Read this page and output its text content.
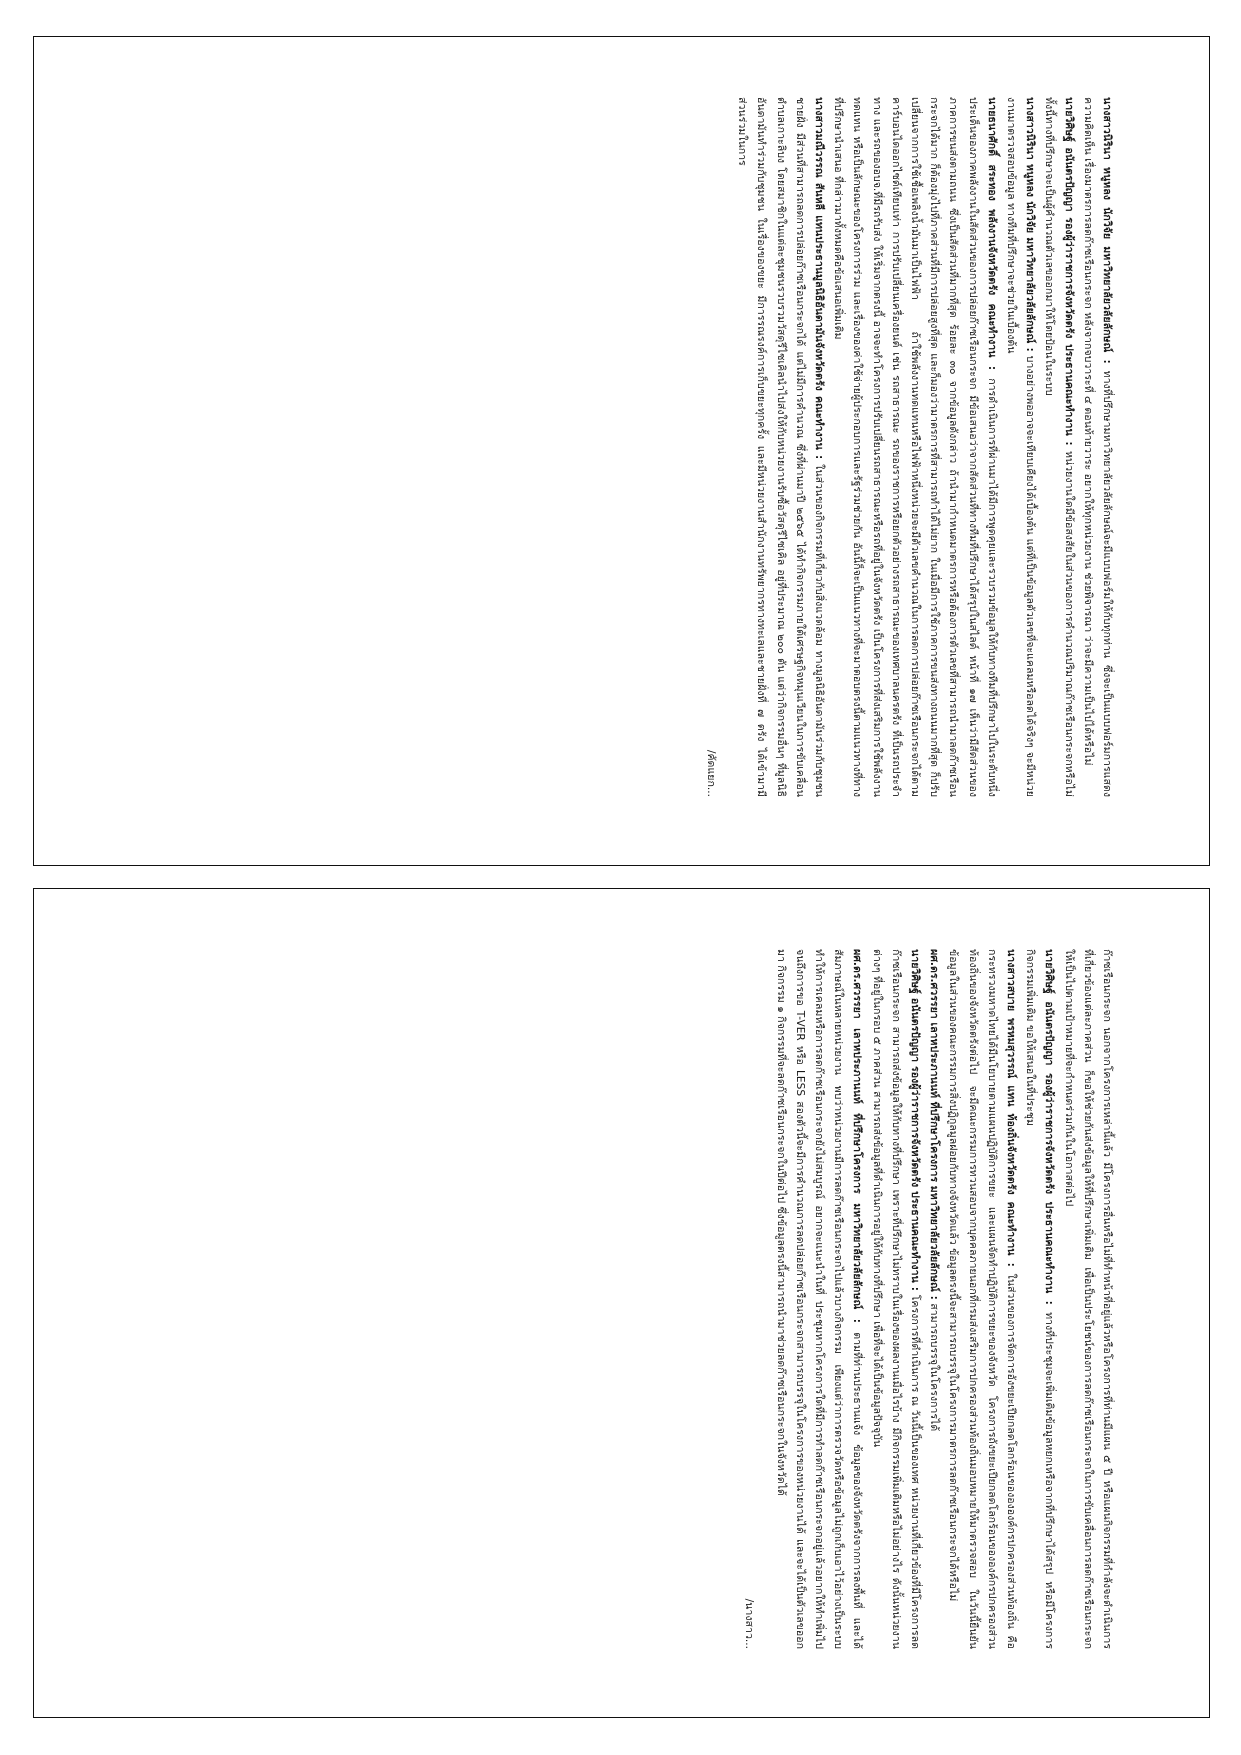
นางสาวนิรินา หนูหลง นักวิจัย มหาวิทยาลัยวลัยลักษณ์ : ทางที่ปรึกษามหาวิทยาลัยวลัยลักษณ์จะมีแบบฟอร์มให้กับทุกท่าน ซึ่งจะเป็นแบบฟอร์มการแสดงความคิดเห็น เรื่องมาตรการลดก๊าซเรือนกระจก หลังจากจบวาระที่ ๔ ตอนท้ายวาระ อยากให้ทุกหน่วยงาน ช่วยพิจารณา ว่าจะมีความเป็นไปได้หรือไม่

นายวิศิษฐ์ อนันตรปัญญา รองผู้ว่าราชการจังหวัดตรัง ประธานคณะทำงาน : หน่วยงานใดมีข้อสงสัยในส่วนของการคำนวณปริมาณก๊าซเรือนกระจกหรือไม่ ทั้งนี้ทางที่ปรึกษาจะเป็นผู้คำนวณตัวเลขออกมาให้โดยป้อนในระบบ

นางสาวนิรินา หนูหลง นักวิจัย มหาวิทยาลัยวลัยลักษณ์ : บางอย่างพออาจจะเทียบเคียงได้เบื้องต้น แต่ที่เป็นข้อมูลตัวเลขที่จะแคลมหรือลดได้จริงๆ จะมีหน่วยงานมาตรวจสอบข้อมูล ทางทีมที่ปรึกษาจะช่วยในเบื้องต้น

นายธนาศักดิ์ สระทอง พลังงานจังหวัดตรัง คณะทำงาน : การดำเนินการที่ผ่านมาได้มีการพูดคุยและรวบรวมข้อมูลให้กับทางทีมที่ปรึกษาไปในระดับหนึ่ง ประเด็นของภาคพลังงานในสัดส่วนของการปล่อยก๊าซเรือนกระจก มีข้อเสนอว่าจากสัดส่วนที่ทางทีมที่ปรึกษาได้สรุปในสไลด์ หน้าที่ ๑๗ เห็นว่ามีสัดส่วนของภาคการขนส่งตามถนน ซึ่งเป็นสัดส่วนที่มากที่สุด ร้อยละ ๓๐ จากข้อมูลดังกล่าว ถ้านำมากำหนดมาตรการหรือต้องการตัวเลขที่สามารถนำมาลดก๊าซเรือนกระจกได้มาก ก็ต้องมุ่งไปที่ภาคส่วนที่มีการปล่อยสูงที่สุด และก็มองว่ามาตรการที่สามารถทำได้ไม่ยาก ในเมื่อมีการใช้ภาคการขนส่งทางถนนมากที่สุด ก็ปรับเปลี่ยนจากการใช้เชื้อเพลิงน้ำมันมาเป็นไฟฟ้า ถ้าใช้พลังงานทดแทนหรือไฟฟ้าหนึ่งหน่วยจะมีตัวเลขคำนวณในการลดการปล่อยก๊าซเรือนกระจกได้ตามคาร์บอนไดออกไซด์เทียบเท่า การปรับเปลี่ยนเครื่องยนต์ เช่น รถสาธารณะ รถของราชการหรือยกตัวอย่างรถสาธารณะของเทศบาลนครตรัง ที่เป็นรถประจำทาง และรถของอบจ.ที่มีรถรับส่ง ให้เริ่มจากตรงนี้ อาจจะทำโครงการปรับเปลี่ยนรถสาธารณะหรือรถที่อยู่ในจังหวัดตรัง เป็นโครงการที่ส่งเสริมการใช้พลังงานทดแทน หรือเป็นลักษณะของโครงการร่วม และเรื่องของค่าใช้จ่ายผู้ประกอบการและรัฐร่วมช่วยกัน อันนี้ก็จะเป็นแนวทางที่จะมาตอบตรงนี้ตามแนวทางที่ทางที่ปรึกษานำเสนอ ที่กล่าวมาทั้งหมดคือข้อเสนอเพิ่มเติม

นางสาวมณีวรรณ สันหลี แทนประธานมูลนิธิอันดามันจังหวัดตรัง คณะทำงาน : ในส่วนของกิจกรรมที่เกี่ยวกับสิ่งแวดล้อม ทางมูลนิธิอันดามันร่วมกับชุมชนชายฝั่ง มีส่วนที่สามารถลดการปล่อยก๊าซเรือนกระจกได้ แต่ไม่มีการคำนวณ ซึ่งที่ผ่านมาปี ๒๕๖๕ ได้ทำกิจกรรมภายใต้เศรษฐกิจหมุนเวียนในการขับเคลื่อนตำบลเกาะลิบง โดยสมาชิกในแต่ละชุมชนรวบรวมวัสดุรีไซเคิลนำไปส่งให้กับหน่วยงานรับซื้อวัสดุรีไซเคิล อยู่ที่ประมาณ ๒๐๐ ตัน แต่ว่ากิจกรรมอื่นๆ ที่มูลนิธิอันดามันทำร่วมกับชุมชน ในเรื่องของขยะ มีการรณรงค์การเก็บขยะทุกครั้ง และมีหน่วยงานสำนักงานทรัพยากรทางทะเลและชายฝั่งที่ ๗ ตรัง ได้เข้ามามีส่วนร่วมในการ

/คัดแยก...

ก๊าซเรือนกระจก นอกจากโครงการเหล่านี้แล้ว มีโครงการอื่นหรือไม่ที่ทำหน้าที่อยู่แล้วหรือโครงการที่ท่านมีแผน ๕ ปี หรือแผนกิจกรรมที่กำลังจะดำเนินการ ที่เกี่ยวข้องแต่ละภาคส่วน ก็ขอให้ช่วยกันส่งข้อมูลให้ที่ปรึกษาเพิ่มเติม เพื่อเป็นประโยชน์ของการลดก๊าซเรือนกระจกในการขับเคลื่อนการลดก๊าซเรือนกระจกให้เป็นไปตามเป้าหมายที่จะกำหนดร่วมกันในโอกาสต่อไป

นายวิศิษฐ์ อนันตรปัญญา รองผู้ว่าราชการจังหวัดตรัง ประธานคณะทำงาน : ทางที่ประชุมจะเพิ่มเติมข้อมูลหยกเหรือจากที่ปรึกษาได้สรุป หรือมีโครงการกิจกรรมเพิ่มเติม ขอให้เสนอในที่ประชุม

นางสาวสบาย พรหมสุวรรณ์ แทน ท้องถิ่นจังหวัดตรัง คณะทำงาน : ในส่วนของการจัดการอังขยะเปียกลดโลกร้อนของององค์กรปกครองส่วนท้องถิ่น คือ กระทรวงมหาดไทยได้มีนโยบายตามแผนปฏิบัติการขยะ และแผนจัดทำปฏิบัติการขยะของจังหวัด โครงการถังขยะเปียกลดโลกร้อนขององค์กรปกครองส่วนท้องถิ่นของจังหวัดตรังต่อไป จะมีคณะกรรมการทวนสอบจากบุคคลภายนอกที่กรมส่งเสริมการปกครองส่วนท้องถิ่นมอบหมายให้มาตรวจสอบ ในวันนี้ยืนยันข้อมูลในส่วนของคณะกรรมการสิ่งปฏิกูลมูลฝอยกับทางจังหวัดแล้ว ข้อมูลตรงนี้จะสามารถบรรจุในโครงการมาตรการลดก๊าซเรือนกระจกได้หรือไม่

ผศ.ดร.ศวรรยา เลาหประภานนท์ ที่ปรึกษาโครงการ มหาวิทยาลัยวลัยลักษณ์ : สามารถบรรจุในโครงการได้

นายวิศิษฐ์ อนันตรปัญญา รองผู้ว่าราชการจังหวัดตรัง ประธานคณะทำงาน : โครงการที่ดำเนินการ ณ วันนี้เป็นของเทศ หน่วยงานที่เกี่ยวข้องที่มีโครงการลดก๊าซเรือนกระจก สามารถส่งข้อมูลให้กับทางที่ปรึกษา เพราะที่ปรึกษาไม่ทราบในเรื่องของผลงานเมื่อไรบ้าง มีกิจกรรมเพิ่มเติมหรือไม่อย่างไร ดังนั้นหน่วยงานต่างๆ ที่อยู่ในกรอบ ๕ ภาคส่วน สามารถส่งข้อมูลที่ดำเนินการอยู่ให้กับทางที่ปรึกษา เพื่อที่จะได้เป็นข้อมูลปัจจุบัน

ผศ.ดร.ศวรรยา เลาหประภานนท์ ที่ปรึกษาโครงการ มหาวิทยาลัยวลัยลักษณ์ : ตามที่ท่านประธานแจ้ง ข้อมูลของจังหวัดตรังจากการลงพื้นที่ และได้สัมภาษณ์ในหลายหน่วยงาน พบว่าหน่วยงานมีการลดก๊าซเรือนกระจกไปแล้วบางกิจกรรม เพียงแต่ว่าการตรวจวัดหรือข้อมูลไม่ถูกเก็บเอาไว้อย่างเป็นระบบ ทำให้การเคลมหรือการลดก๊าซเรือนกระจกยังไม่สมบูรณ์ อยากจะแนะนำในที่ ประชุมหากโครงการใดที่มีการทำลดก๊าซเรือนกระจกอยู่แล้วอยากให้ทำเพิ่มไปจนถึงการขอ T-VER หรือ LESS สองตัวนี้จะมีการคำนวณการลดปล่อยก๊าซเรือนกระจกสามารถบรรจุในโครงการของหน่วยงานได้ และจะได้เป็นตัวเลขออกมา กิจกรรม ๑ กิจกรรมที่จะลดก๊าซเรือนกระจกในปีต่อไป ซึ่งข้อมูลตรงนี้สามารถนำมาช่วยลดก๊าซเรือนกระจกในจังหวัดได้

/นางสาว...
